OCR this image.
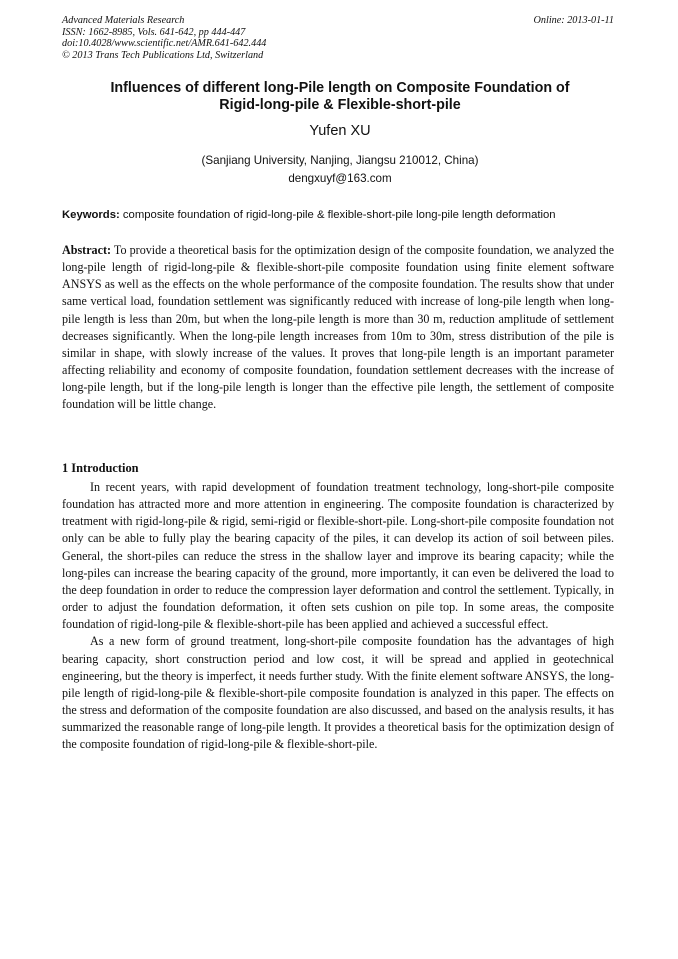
Advanced Materials Research
ISSN: 1662-8985, Vols. 641-642, pp 444-447
doi:10.4028/www.scientific.net/AMR.641-642.444
© 2013 Trans Tech Publications Ltd, Switzerland
Online: 2013-01-11
Influences of different long-Pile length on Composite Foundation of
Rigid-long-pile & Flexible-short-pile
Yufen XU
(Sanjiang University, Nanjing, Jiangsu 210012, China)
dengxuyf@163.com
Keywords: composite foundation of rigid-long-pile & flexible-short-pile long-pile length deformation

Abstract: To provide a theoretical basis for the optimization design of the composite foundation, we analyzed the long-pile length of rigid-long-pile & flexible-short-pile composite foundation using finite element software ANSYS as well as the effects on the whole performance of the composite foundation. The results show that under same vertical load, foundation settlement was significantly reduced with increase of long-pile length when long-pile length is less than 20m, but when the long-pile length is more than 30 m, reduction amplitude of settlement decreases significantly. When the long-pile length increases from 10m to 30m, stress distribution of the pile is similar in shape, with slowly increase of the values. It proves that long-pile length is an important parameter affecting reliability and economy of composite foundation, foundation settlement decreases with the increase of long-pile length, but if the long-pile length is longer than the effective pile length, the settlement of composite foundation will be little change.

1 Introduction

In recent years, with rapid development of foundation treatment technology, long-short-pile composite foundation has attracted more and more attention in engineering. The composite foundation is characterized by treatment with rigid-long-pile & rigid, semi-rigid or flexible-short-pile. Long-short-pile composite foundation not only can be able to fully play the bearing capacity of the piles, it can develop its action of soil between piles. General, the short-piles can reduce the stress in the shallow layer and improve its bearing capacity; while the long-piles can increase the bearing capacity of the ground, more importantly, it can even be delivered the load to the deep foundation in order to reduce the compression layer deformation and control the settlement. Typically, in order to adjust the foundation deformation, it often sets cushion on pile top. In some areas, the composite foundation of rigid-long-pile & flexible-short-pile has been applied and achieved a successful effect.

As a new form of ground treatment, long-short-pile composite foundation has the advantages of high bearing capacity, short construction period and low cost, it will be spread and applied in geotechnical engineering, but the theory is imperfect, it needs further study. With the finite element software ANSYS, the long-pile length of rigid-long-pile & flexible-short-pile composite foundation is analyzed in this paper. The effects on the stress and deformation of the composite foundation are also discussed, and based on the analysis results, it has summarized the reasonable range of long-pile length. It provides a theoretical basis for the optimization design of the composite foundation of rigid-long-pile & flexible-short-pile.
